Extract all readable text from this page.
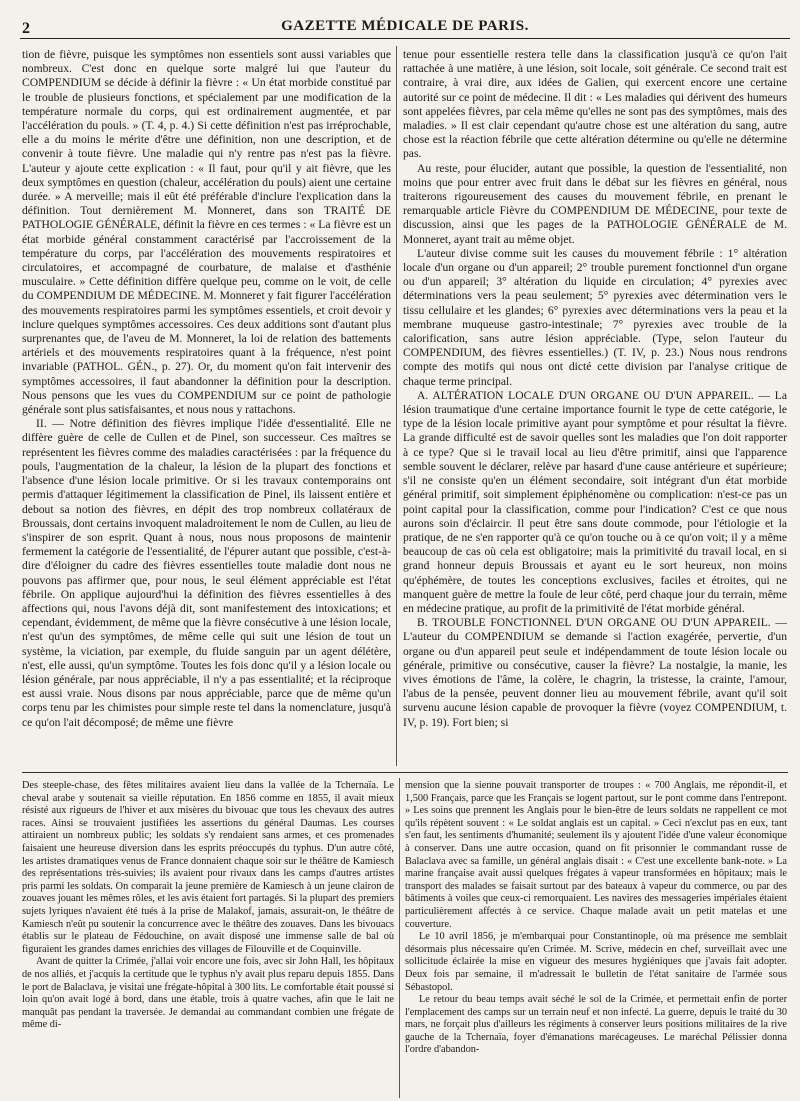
2	GAZETTE MÉDICALE DE PARIS.

tion de fièvre, puisque les symptômes non essentiels sont aussi variables que nombreux. C'est donc en quelque sorte malgré lui que l'auteur du COMPENDIUM se décide à définir la fièvre : « Un état morbide constitué par le trouble de plusieurs fonctions, et spécialement par une modification de la température normale du corps, qui est ordinairement augmentée, et par l'accélération du pouls. » (T. 4, p. 4.) Si cette définition n'est pas irréprochable, elle a du moins le mérite d'être une définition, non une description, et de convenir à toute fièvre. Une maladie qui n'y rentre pas n'est pas la fièvre. L'auteur y ajoute cette explication : « Il faut, pour qu'il y ait fièvre, que les deux symptômes en question (chaleur, accélération du pouls) aient une certaine durée. » A merveille; mais il eût été préférable d'inclure l'explication dans la définition. Tout dernièrement M. Monneret, dans son TRAITÉ DE PATHOLOGIE GÉNÉRALE, définit la fièvre en ces termes : « La fièvre est un état morbide général constamment caractérisé par l'accroissement de la température du corps, par l'accélération des mouvements respiratoires et circulatoires, et accompagné de courbature, de malaise et d'asthénie musculaire. » Cette définition diffère quelque peu, comme on le voit, de celle du COMPENDIUM DE MÉDECINE. M. Monneret y fait figurer l'accélération des mouvements respiratoires parmi les symptômes essentiels, et croit devoir y inclure quelques symptômes accessoires. Ces deux additions sont d'autant plus surprenantes que, de l'aveu de M. Monneret, la loi de relation des battements artériels et des mouvements respiratoires quant à la fréquence, n'est point invariable (PATHOL. GÉN., p. 27). Or, du moment qu'on fait intervenir des symptômes accessoires, il faut abandonner la définition pour la description. Nous pensons que les vues du COMPENDIUM sur ce point de pathologie générale sont plus satisfaisantes, et nous nous y rattachons.

II. — Notre définition des fièvres implique l'idée d'essentialité. Elle ne diffère guère de celle de Cullen et de Pinel, son successeur. Ces maîtres se représentent les fièvres comme des maladies caractérisées : par la fréquence du pouls, l'augmentation de la chaleur, la lésion de la plupart des fonctions et l'absence d'une lésion locale primitive. Or si les travaux contemporains ont permis d'attaquer légitimement la classification de Pinel, ils laissent entière et debout sa notion des fièvres, en dépit des trop nombreux collatéraux de Broussais, dont certains invoquent maladroitement le nom de Cullen, au lieu de s'inspirer de son esprit. Quant à nous, nous nous proposons de maintenir fermement la catégorie de l'essentialité, de l'épurer autant que possible, c'est-à-dire d'éloigner du cadre des fièvres essentielles toute maladie dont nous ne pouvons pas affirmer que, pour nous, le seul élément appréciable est l'état fébrile. On applique aujourd'hui la définition des fièvres essentielles à des affections qui, nous l'avons déjà dit, sont manifestement des intoxications; et cependant, évidemment, de même que la fièvre consécutive à une lésion locale, n'est qu'un des symptômes, de même celle qui suit une lésion de tout un système, la viciation, par exemple, du fluide sanguin par un agent délétère, n'est, elle aussi, qu'un symptôme. Toutes les fois donc qu'il y a lésion locale ou lésion générale, par nous appréciable, il n'y a pas essentialité; et la réciproque est aussi vraie. Nous disons par nous appréciable, parce que de même qu'un corps tenu par les chimistes pour simple reste tel dans la nomenclature, jusqu'à ce qu'on l'ait décomposé; de même une fièvre

tenue pour essentielle restera telle dans la classification jusqu'à ce qu'on l'ait rattachée à une matière, à une lésion, soit locale, soit générale. Ce second trait est contraire, à vrai dire, aux idées de Galien, qui exercent encore une certaine autorité sur ce point de médecine. Il dit : « Les maladies qui dérivent des humeurs sont appelées fièvres, par cela même qu'elles ne sont pas des symptômes, mais des maladies. » Il est clair cependant qu'autre chose est une altération du sang, autre chose est la réaction fébrile que cette altération détermine ou qu'elle ne détermine pas.

Au reste, pour élucider, autant que possible, la question de l'essentialité, non moins que pour entrer avec fruit dans le débat sur les fièvres en général, nous traiterons rigoureusement des causes du mouvement fébrile, en prenant le remarquable article Fièvre du COMPENDIUM DE MÉDECINE, pour texte de discussion, ainsi que les pages de la PATHOLOGIE GÉNÉRALE de M. Monneret, ayant trait au même objet.

L'auteur divise comme suit les causes du mouvement fébrile : 1° altération locale d'un organe ou d'un appareil; 2° trouble purement fonctionnel d'un organe ou d'un appareil; 3° altération du liquide en circulation; 4° pyrexies avec déterminations vers la peau seulement; 5° pyrexies avec détermination vers le tissu cellulaire et les glandes; 6° pyrexies avec déterminations vers la peau et la membrane muqueuse gastro-intestinale; 7° pyrexies avec trouble de la calorification, sans autre lésion appréciable. (Type, selon l'auteur du COMPENDIUM, des fièvres essentielles.) (T. IV, p. 23.) Nous nous rendrons compte des motifs qui nous ont dicté cette division par l'analyse critique de chaque terme principal.

A. ALTÉRATION LOCALE D'UN ORGANE OU D'UN APPAREIL. — La lésion traumatique d'une certaine importance fournit le type de cette catégorie, le type de la lésion locale primitive ayant pour symptôme et pour résultat la fièvre. La grande difficulté est de savoir quelles sont les maladies que l'on doit rapporter à ce type? Que si le travail local au lieu d'être primitif, ainsi que l'apparence semble souvent le déclarer, relève par hasard d'une cause antérieure et supérieure; s'il ne consiste qu'en un élément secondaire, soit intégrant d'un état morbide général primitif, soit simplement épiphénomène ou complication: n'est-ce pas un point capital pour la classification, comme pour l'indication? C'est ce que nous aurons soin d'éclaircir. Il peut être sans doute commode, pour l'étiologie et la pratique, de ne s'en rapporter qu'à ce qu'on touche ou à ce qu'on voit; il y a même beaucoup de cas où cela est obligatoire; mais la primitivité du travail local, en si grand honneur depuis Broussais et ayant eu le sort heureux, non moins qu'éphémère, de toutes les conceptions exclusives, faciles et étroites, qui ne manquent guère de mettre la foule de leur côté, perd chaque jour du terrain, même en médecine pratique, au profit de la primitivité de l'état morbide général.

B. TROUBLE FONCTIONNEL D'UN ORGANE OU D'UN APPAREIL. — L'auteur du COMPENDIUM se demande si l'action exagérée, pervertie, d'un organe ou d'un appareil peut seule et indépendamment de toute lésion locale ou générale, primitive ou consécutive, causer la fièvre? La nostalgie, la manie, les vives émotions de l'âme, la colère, le chagrin, la tristesse, la crainte, l'amour, l'abus de la pensée, peuvent donner lieu au mouvement fébrile, avant qu'il soit survenu aucune lésion capable de provoquer la fièvre (voyez COMPENDIUM, t. IV, p. 19). Fort bien; si

Des steeple-chase, des fêtes militaires avaient lieu dans la vallée de la Tchernaïa. Le cheval arabe y soutenait sa vieille réputation. En 1856 comme en 1855, il avait mieux résisté aux rigueurs de l'hiver et aux misères du bivouac que tous les chevaux des autres races. Ainsi se trouvaient justifiées les assertions du général Daumas. Les courses attiraient un nombreux public; les soldats s'y rendaient sans armes, et ces promenades faisaient une heureuse diversion dans les esprits préoccupés du typhus. D'un autre côté, les artistes dramatiques venus de France donnaient chaque soir sur le théâtre de Kamiesch des représentations très-suivies; ils avaient pour rivaux dans les camps d'autres artistes pris parmi les soldats. On comparait la jeune première de Kamiesch à un jeune clairon de zouaves jouant les mêmes rôles, et les avis étaient fort partagés. Si la plupart des premiers sujets lyriques n'avaient été tués à la prise de Malakof, jamais, assurait-on, le théâtre de Kamiesch n'eût pu soutenir la concurrence avec le théâtre des zouaves. Dans les bivouacs établis sur le plateau de Fédouchine, on avait disposé une immense salle de bal où figuraient les grandes dames enrichies des villages de Filouville et de Coquinville.

Avant de quitter la Crimée, j'allai voir encore une fois, avec sir John Hall, les hôpitaux de nos alliés, et j'acquis la certitude que le typhus n'y avait plus reparu depuis 1855. Dans le port de Balaclava, je visitai une frégate-hôpital à 300 lits. Le comfortable était poussé si loin qu'on avait logé à bord, dans une étable, trois à quatre vaches, afin que le lait ne manquât pas pendant la traversée. Je demandai au commandant combien une frégate de même di-

mension que la sienne pouvait transporter de troupes : « 700 Anglais, me répondit-il, et 1,500 Français, parce que les Français se logent partout, sur le pont comme dans l'entrepont. » Les soins que prennent les Anglais pour le bien-être de leurs soldats ne rappellent ce mot qu'ils répètent souvent : « Le soldat anglais est un capital. » Ceci n'exclut pas en eux, tant s'en faut, les sentiments d'humanité; seulement ils y ajoutent l'idée d'une valeur économique à conserver. Dans une autre occasion, quand on fit prisonnier le commandant russe de Balaclava avec sa famille, un général anglais disait : « C'est une excellente bank-note. » La marine française avait aussi quelques frégates à vapeur transformées en hôpitaux; mais le transport des malades se faisait surtout par des bateaux à vapeur du commerce, ou par des bâtiments à voiles que ceux-ci remorquaient. Les navires des messageries impériales étaient particulièrement affectés à ce service. Chaque malade avait un petit matelas et une couverture.

Le 10 avril 1856, je m'embarquai pour Constantinople, où ma présence me semblait désormais plus nécessaire qu'en Crimée. M. Scrive, médecin en chef, surveillait avec une sollicitude éclairée la mise en vigueur des mesures hygiéniques que j'avais fait adopter. Deux fois par semaine, il m'adressait le bulletin de l'état sanitaire de l'armée sous Sébastopol.

Le retour du beau temps avait séché le sol de la Crimée, et permettait enfin de porter l'emplacement des camps sur un terrain neuf et non infecté. La guerre, depuis le traité du 30 mars, ne forçait plus d'ailleurs les régiments à conserver leurs positions militaires de la rive gauche de la Tchernaïa, foyer d'émanations marécageuses. Le maréchal Pélissier donna l'ordre d'abandon-
